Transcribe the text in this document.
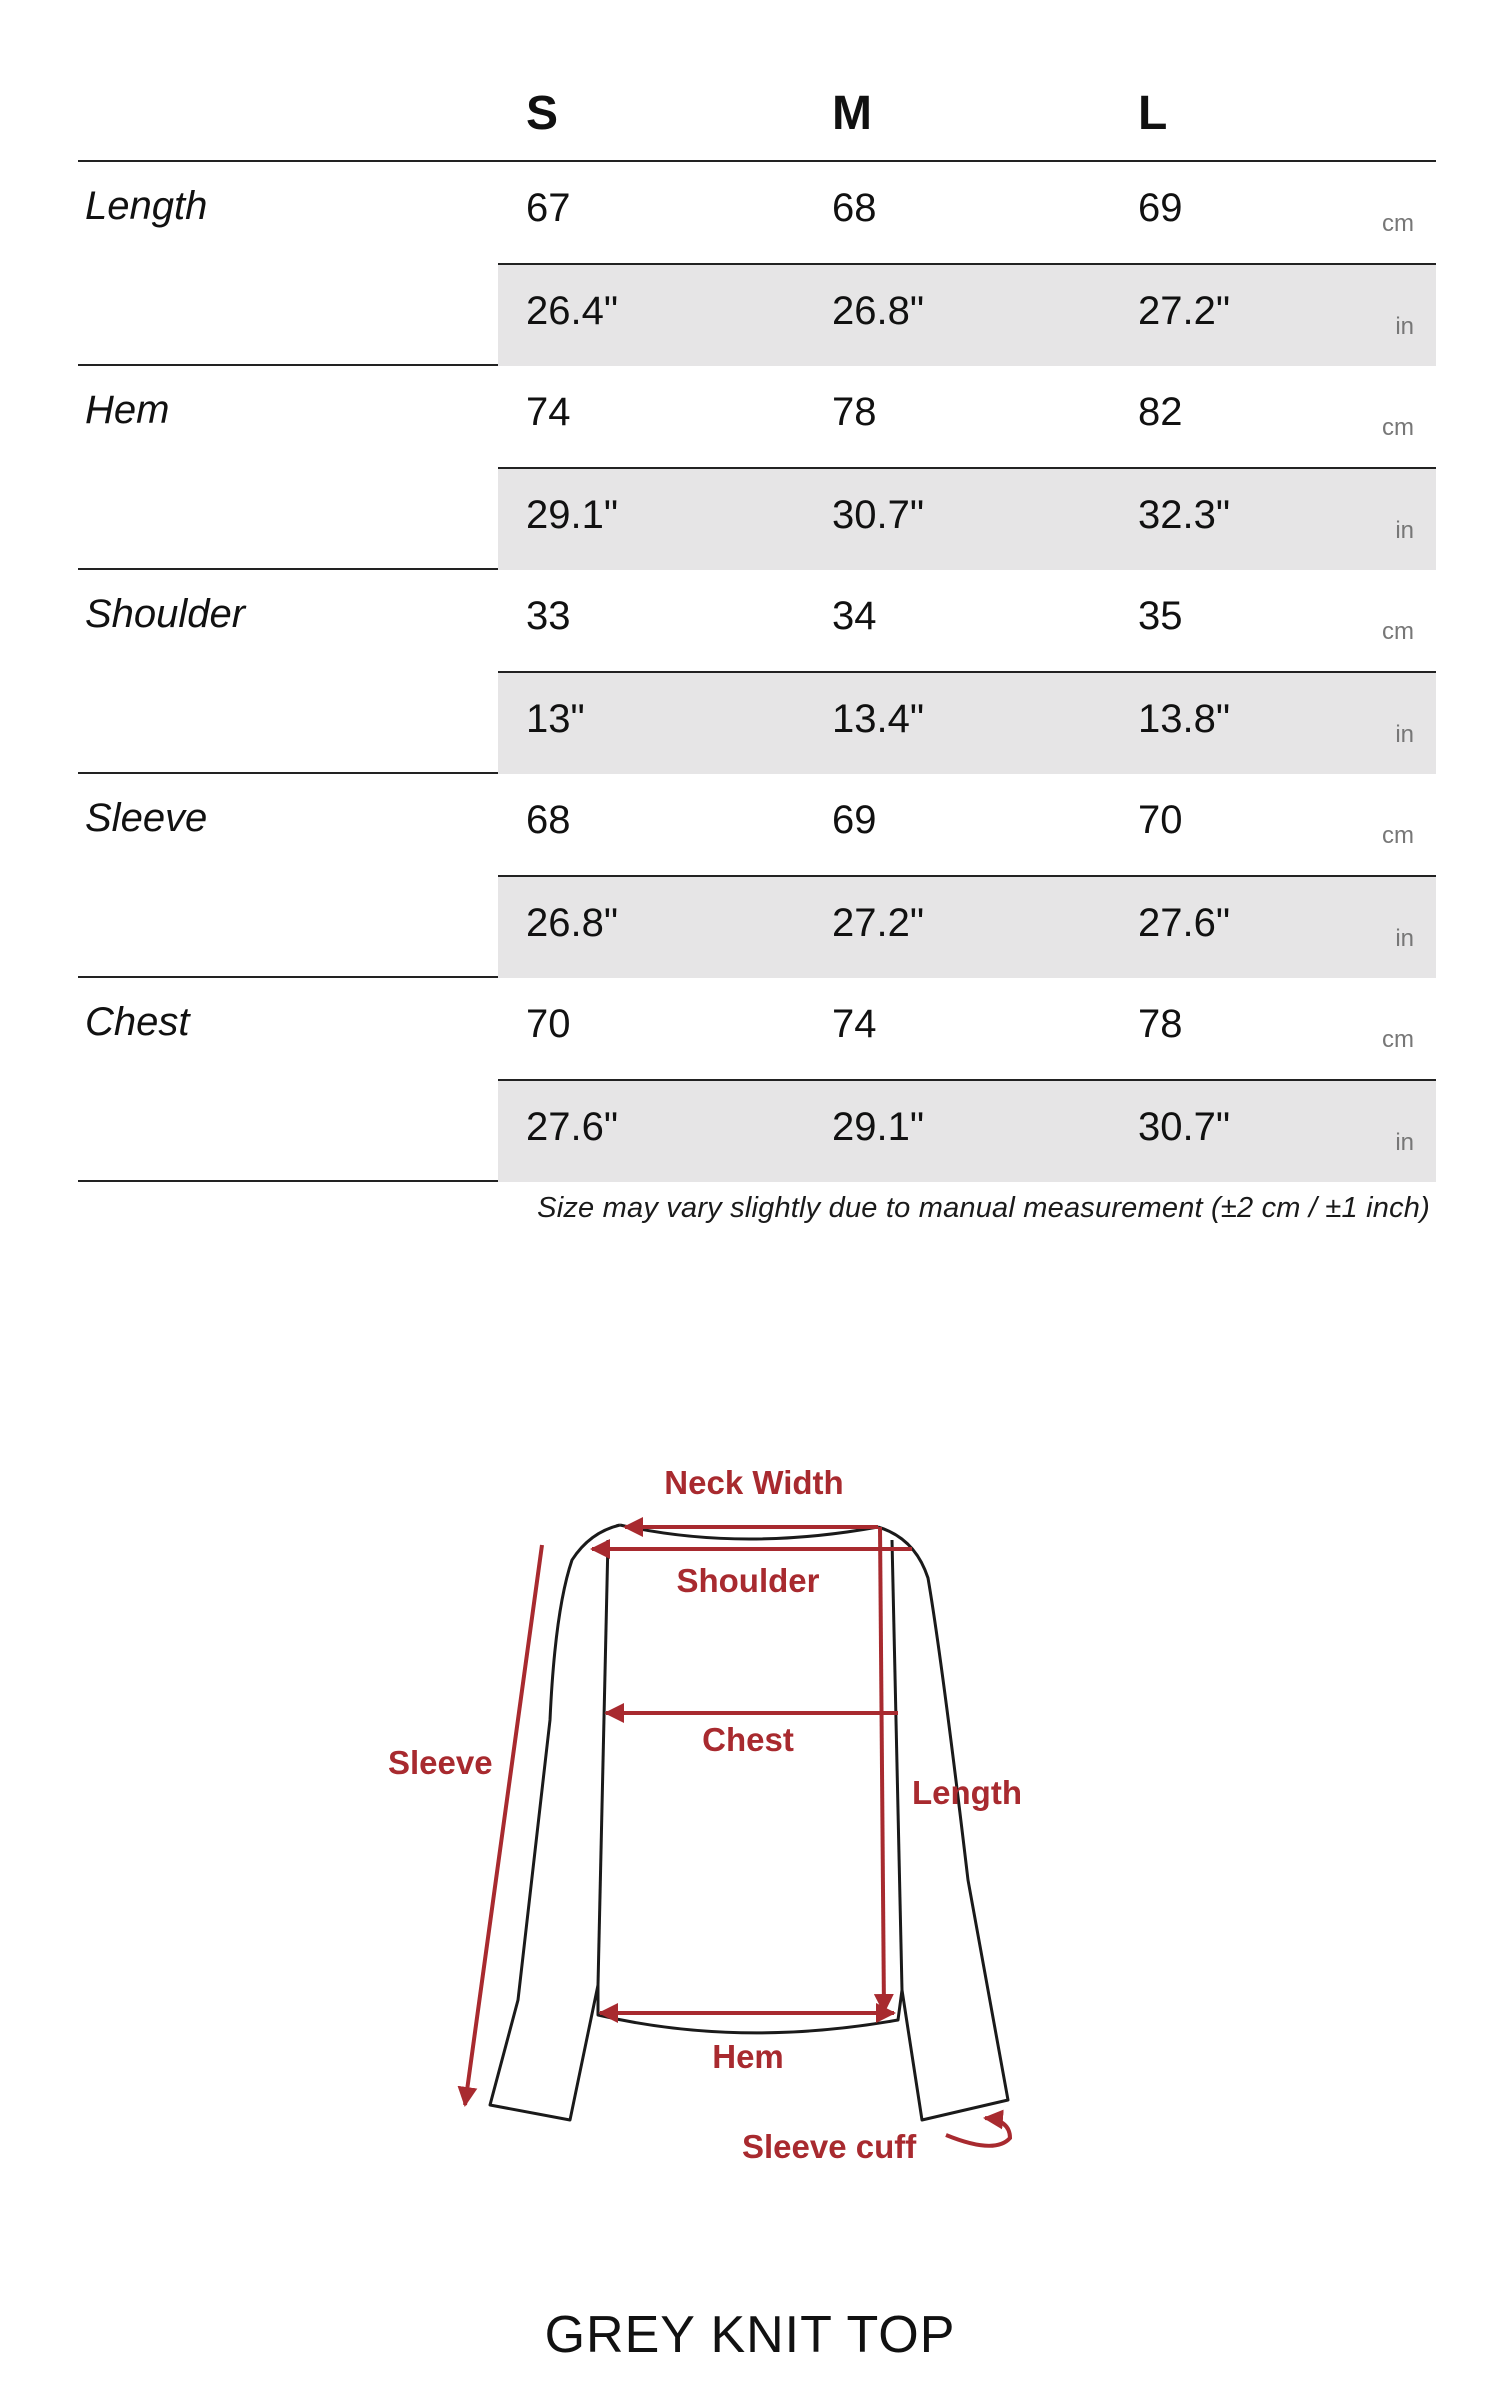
S	M	L
Length	67	68	69	cm
26.4"	26.8"	27.2"	in
Hem	74	78	82	cm
29.1"	30.7"	32.3"	in
Shoulder	33	34	35	cm
13"	13.4"	13.8"	in
Sleeve	68	69	70	cm
26.8"	27.2"	27.6"	in
Chest	70	74	78	cm
27.6"	29.1"	30.7"	in
Size may vary slightly due to manual measurement (±2 cm / ±1 inch)
Neck Width
Shoulder
Chest
Length
Sleeve
Hem
Sleeve cuff
GREY KNIT TOP
